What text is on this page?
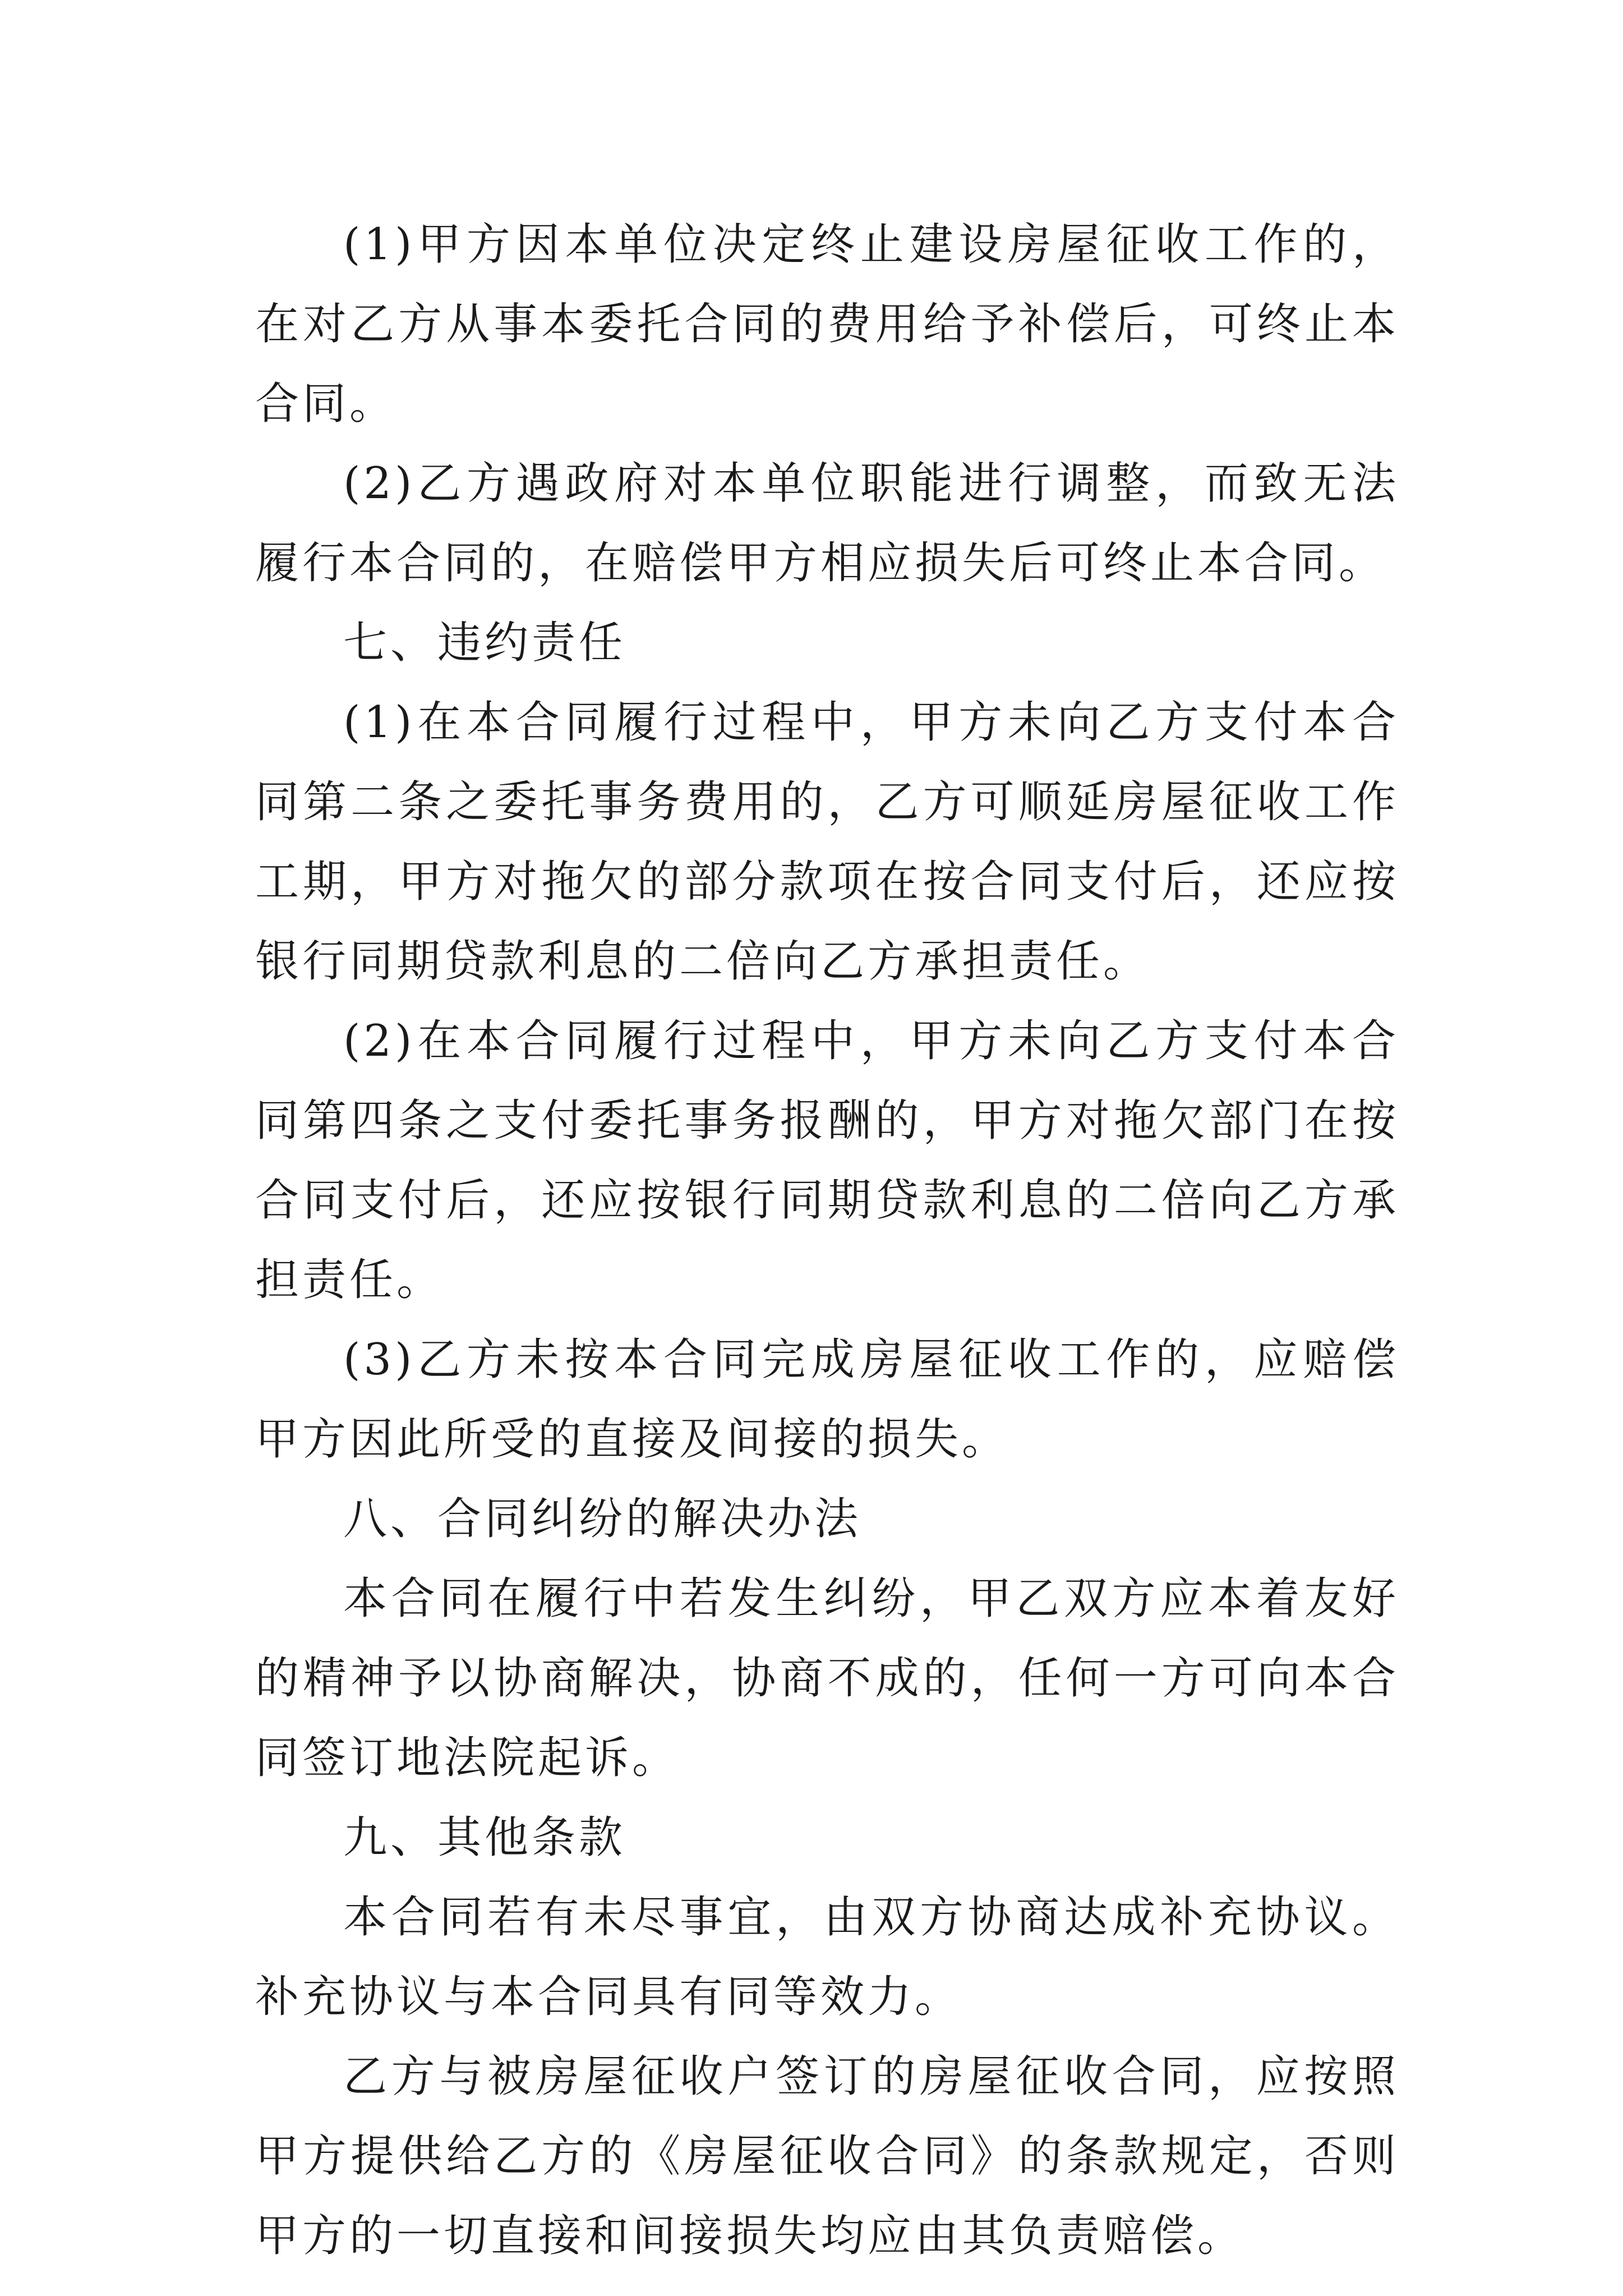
(1)甲方因本单位决定终止建设房屋征收工作的，在对乙方从事本委托合同的费用给予补偿后，可终止本合同。

(2)乙方遇政府对本单位职能进行调整，而致无法履行本合同的，在赔偿甲方相应损失后可终止本合同。

七、违约责任

(1)在本合同履行过程中，甲方未向乙方支付本合同第二条之委托事务费用的，乙方可顺延房屋征收工作工期，甲方对拖欠的部分款项在按合同支付后，还应按银行同期贷款利息的二倍向乙方承担责任。

(2)在本合同履行过程中，甲方未向乙方支付本合同第四条之支付委托事务报酬的，甲方对拖欠部门在按合同支付后，还应按银行同期贷款利息的二倍向乙方承担责任。

(3)乙方未按本合同完成房屋征收工作的，应赔偿甲方因此所受的直接及间接的损失。

八、合同纠纷的解决办法

本合同在履行中若发生纠纷，甲乙双方应本着友好的精神予以协商解决，协商不成的，任何一方可向本合同签订地法院起诉。

九、其他条款

本合同若有未尽事宜，由双方协商达成补充协议。补充协议与本合同具有同等效力。

乙方与被房屋征收户签订的房屋征收合同，应按照甲方提供给乙方的《房屋征收合同》的条款规定，否则甲方的一切直接和间接损失均应由其负责赔偿。
